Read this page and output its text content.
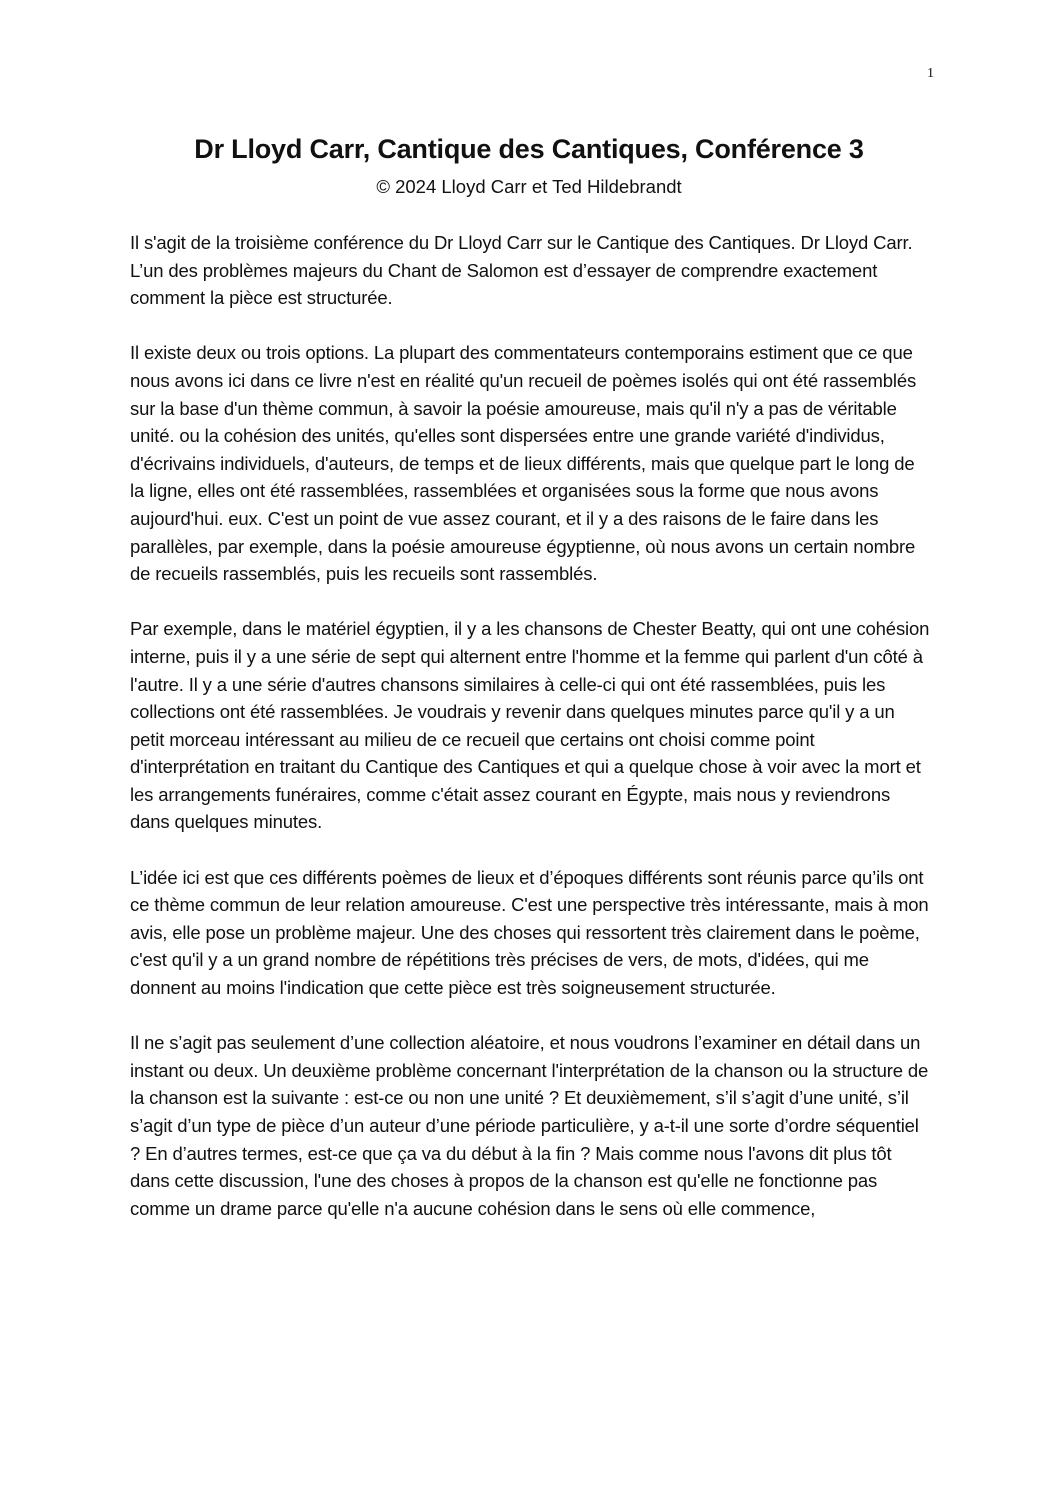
1
Dr Lloyd Carr, Cantique des Cantiques, Conférence 3
© 2024 Lloyd Carr et Ted Hildebrandt

Il s'agit de la troisième conférence du Dr Lloyd Carr sur le Cantique des Cantiques. Dr Lloyd Carr. L’un des problèmes majeurs du Chant de Salomon est d’essayer de comprendre exactement comment la pièce est structurée.

Il existe deux ou trois options. La plupart des commentateurs contemporains estiment que ce que nous avons ici dans ce livre n'est en réalité qu'un recueil de poèmes isolés qui ont été rassemblés sur la base d'un thème commun, à savoir la poésie amoureuse, mais qu'il n'y a pas de véritable unité. ou la cohésion des unités, qu'elles sont dispersées entre une grande variété d'individus, d'écrivains individuels, d'auteurs, de temps et de lieux différents, mais que quelque part le long de la ligne, elles ont été rassemblées, rassemblées et organisées sous la forme que nous avons aujourd'hui. eux. C'est un point de vue assez courant, et il y a des raisons de le faire dans les parallèles, par exemple, dans la poésie amoureuse égyptienne, où nous avons un certain nombre de recueils rassemblés, puis les recueils sont rassemblés.

Par exemple, dans le matériel égyptien, il y a les chansons de Chester Beatty, qui ont une cohésion interne, puis il y a une série de sept qui alternent entre l'homme et la femme qui parlent d'un côté à l'autre. Il y a une série d'autres chansons similaires à celle-ci qui ont été rassemblées, puis les collections ont été rassemblées. Je voudrais y revenir dans quelques minutes parce qu'il y a un petit morceau intéressant au milieu de ce recueil que certains ont choisi comme point d'interprétation en traitant du Cantique des Cantiques et qui a quelque chose à voir avec la mort et les arrangements funéraires, comme c'était assez courant en Égypte, mais nous y reviendrons dans quelques minutes.

L’idée ici est que ces différents poèmes de lieux et d’époques différents sont réunis parce qu’ils ont ce thème commun de leur relation amoureuse. C'est une perspective très intéressante, mais à mon avis, elle pose un problème majeur. Une des choses qui ressortent très clairement dans le poème, c'est qu'il y a un grand nombre de répétitions très précises de vers, de mots, d'idées, qui me donnent au moins l'indication que cette pièce est très soigneusement structurée.

Il ne s’agit pas seulement d’une collection aléatoire, et nous voudrons l’examiner en détail dans un instant ou deux. Un deuxième problème concernant l'interprétation de la chanson ou la structure de la chanson est la suivante : est-ce ou non une unité ? Et deuxièmement, s’il s’agit d’une unité, s’il s’agit d’un type de pièce d’un auteur d’une période particulière, y a-t-il une sorte d’ordre séquentiel ? En d’autres termes, est-ce que ça va du début à la fin ? Mais comme nous l'avons dit plus tôt dans cette discussion, l'une des choses à propos de la chanson est qu'elle ne fonctionne pas comme un drame parce qu'elle n'a aucune cohésion dans le sens où elle commence,
